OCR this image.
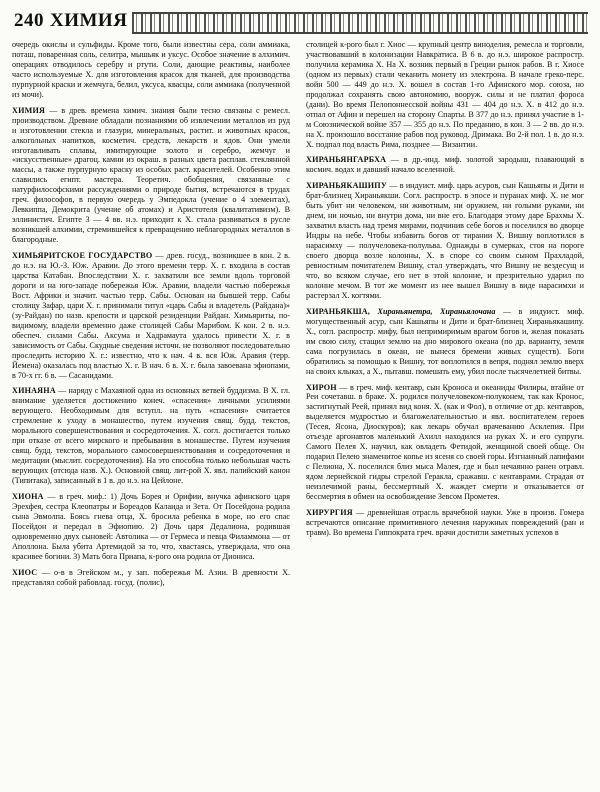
240 ХИМИЯ

очередь окислы и сульфиды. Кроме того, были известны сера, соли аммиака, поташ, поваренная соль, селитра, мышьяк и уксус. Особое значение в алхимич. операциях отводилось серебру и ртути. Соли, дающие реактивы, наиболее часто используемые Х. для изготовления красок для тканей, для производства пурпурной краски и жемчуга, белил, уксуса, квасцы, соли аммиака (полученной из мочи).

ХИМИЯ — в древ. времена химич. знания были тесно связаны с ремесл. производством. Древние обладали познаниями об извлечении металлов из руд и изготовлении стекла и глазури, минеральных, растит. и животных красок, алкогольных напитков, косметич. средств, лекарств и ядов. Они умели изготавливать сплавы, имитирующие золото и серебро, жемчуг и «искусственные» драгоц. камни из окраш. в разных цвета расплав. стеклянной массы, а также пурпурную краску из особых раст. красителей. Особенно этим славились египт. мастера. Теоретич. обобщения, связанные с натурфилософскими рассуждениями о природе бытия, встречаются в трудах греч. философов, в первую очередь у Эмпедокла (учение о 4 элементах), Левкиппа, Демокрита (учение об атомах) и Аристотеля (квалитативизм). В эллинистич. Египте 3 — 4 вв. н.э. приходит к Х. стала развиваться в русле возникшей алхимии, стремившейся к превращению неблагородных металлов в благородные.

ХИМЬЯРИТСКОЕ ГОСУДАРСТВО — древ. госуд., возникшее в кон. 2 в. до н.э. на Ю.-З. Юж. Аравии. До этого времени терр. Х. г. входила в состав царства Катабан. Впоследствии X. г. захватили все земли вдоль торговой дороги и на юго-западе побережья Юж. Аравии, владели частью побережья Вост. Африки и значит. частью терр. Сабы. Основан на бывшей терр. Сабы столицу Зафар, цари Х. г. принимали титул «царь Сабы и владетель (Райдана)» (зу-Райдан) по назв. крепости и царской резиденции Райдан. Химьяриты, по-видимому, владели временно даже столицей Сабы Марибом. К кон. 2 в. н.э. обеспеч. силами Сабы. Аксума и Хадрамаута удалось привести Х. г. в зависимость от Сабы. Скудные сведения источн. не позволяют последовательно проследить историю Х. г.: известно, что к нач. 4 в. вся Юж. Аравия (терр. Йемена) оказалась под властью Х. г. В нач. 6 в. Х. г. была завоевана эфиопами, в 70-х гг. 6 в. — Сасанидами.

ХИНАЯНА — наряду с Махаяной одна из основных ветвей буддизма. В Х. гл. внимание уделяется достижению конеч. «спасения» личными усилиями верующего. Необходимым для вступл. на путь «спасения» считается стремление к уходу в монашество, путем изучения свящ. будд. текстов, морального совершенствования и сосредоточения. Х. согл. достигается только при отказе от всего мирского и пребывания в монашестве. Путем изучения свящ. будд. текстов, морального самосовершенствования и сосредоточения и медитации (мыслит. сосредоточения). На это способна только небольшая часть верующих (отсюда назв. Х.). Основной свящ. лит-рой Х. явл. палийский канон (Типитака), записанный в 1 в. до н.э. на Цейлоне.

ХИОНА — в греч. миф.: 1) Дочь Борея и Орифии, внучка афинского царя Эрехфея, сестра Клеопатры и Бореадов Калаида и Зета. От Посейдона родила сына Эвмолпа. Боясь гнева отца, Х. бросила ребенка в море, но его спас Посейдон и передал в Эфиопию. 2) Дочь царя Дедалиона, родившая одновременно двух сыновей: Автолика — от Гермеса и певца Филаммона — от Аполлона. Была убита Артемидой за то, что, хвастаясь, утверждала, что она красивее богини. 3) Мать бога Приапа, к-рого она родила от Диониса.

ХИОС — о-в в Эгейском м., у зап. побережья М. Азии. В древности Х. представлял собой рабовлад. госуд. (полис),

столицей к-рого был г. Хиос — крупный центр виноделия, ремесла и торговли, участвовавший в колонизации Навкратиса. В 6 в. до н.э. широкое распростр. получила керамика Х. На Х. возник первый в Греции рынок рабов. В г. Хиосе (одном из первых) стали чеканить монету из электрона. В начале греко-перс. войн 500 — 449 до н.э. Х. вошел в состав 1-го Афинского мор. союза, но продолжал сохранять свою автономию, вооруж. силы и не платил фороса (дани). Во время Пелопоннесской войны 431 — 404 до н.э. Х. в 412 до н.э. отпал от Афин и перешел на сторону Спарты. В 377 до н.э. принял участие в 1-м Союзнической войне 357 — 355 до н.э. По преданию, в кон. 3 — 2 вв. до н.э. на Х. произошло восстание рабов под руковод. Дримака. Во 2-й пол. 1 в. до н.э. Х. подпал под власть Рима, позднее — Византии.

ХИРАНЬЯНГАРБХА — в др.-инд. миф. золотой зародыш, плавающий в космич. водах и давший начало вселенной.

ХИРАНЬЯКАШИПУ — в индуист. миф. царь асуров, сын Кашьяпы и Дити и брат-близнец Хираньякши. Согл. распростр. в эпосе и пуранах миф. Х. не мог быть убит ни человеком, ни животным, ни оружием, ни голыми руками, ни днем, ни ночью, ни внутри дома, ни вне его. Благодаря этому даре Брахмы Х. захватил власть над тремя мирами, подчинив себе богов и поселился во дворце Индры на небе. Чтобы избавить богов от тирании Х. Вишну воплотился в нарасимху — получеловека-полульва. Однажды в сумерках, стоя на пороге своего дворца возле колонны, Х. в споре со своим сыном Прахладой, ревностным почитателем Вишну, стал утверждать, что Вишну не вездесущ и что, во всяком случае, его нет в этой колонне, и презрительно ударил по колонне мечом. В тот же момент из нее вышел Вишну в виде нарасимхи и растерзал Х. когтями.

ХИРАНЬЯКША, Хираньянетра, Хираньялочана — в индуист. миф. могущественный асур, сын Кашьяпы и Дити и брат-близнец Хираньякашипу. Х., согл. распростр. мифу, был непримиримым врагом богов и, желая показать им свою силу, стащил землю на дно мирового океана (по др. варианту, земля сама погрузилась в океан, не вынеся бремени живых существ). Боги обратились за помощью к Вишну, тот воплотился в вепря, поднял землю вверх на своих клыках, а Х., пытавш. помешать ему, убил после тысячелетней битвы.

ХИРОН — в греч. миф. кентавр, сын Кроноса и океаниды Филиры, втайне от Реи сочетавш. в браке. Х. родился получеловеком-полуконем, так как Кронос, застигнутый Реей, принял вид коня. Х. (как и Фол), в отличие от др. кентавров, выделяется мудростью и благожелательностью и явл. воспитателем героев (Тесея, Ясона, Диоскуров); как лекарь обучал врачеванию Асклепия. При отъезде аргонавтов маленький Ахилл находился на руках Х. и его супруги. Самого Пелея Х. научил, как овладеть Фетидой, женщиной своей обще. Он подарил Пелею знаменитое копье из ясеня со своей горы. Изгнанный лапифами с Пелиона, Х. поселился близ мыса Малея, где и был нечаянно ранен отравл. ядом лернейской гидры стрелой Геракла, сражавш. с кентаврами. Страдая от неизлечимой раны, бессмертный Х. жаждет смерти и отказывается от бессмертия в обмен на освобождение Зевсом Прометея.

ХИРУРГИЯ — древнейшая отрасль врачебной науки. Уже в произв. Гомера встречаются описание примитивного лечения наружных повреждений (ран и травм). Во времена Гиппократа греч. врачи достигли заметных успехов в
